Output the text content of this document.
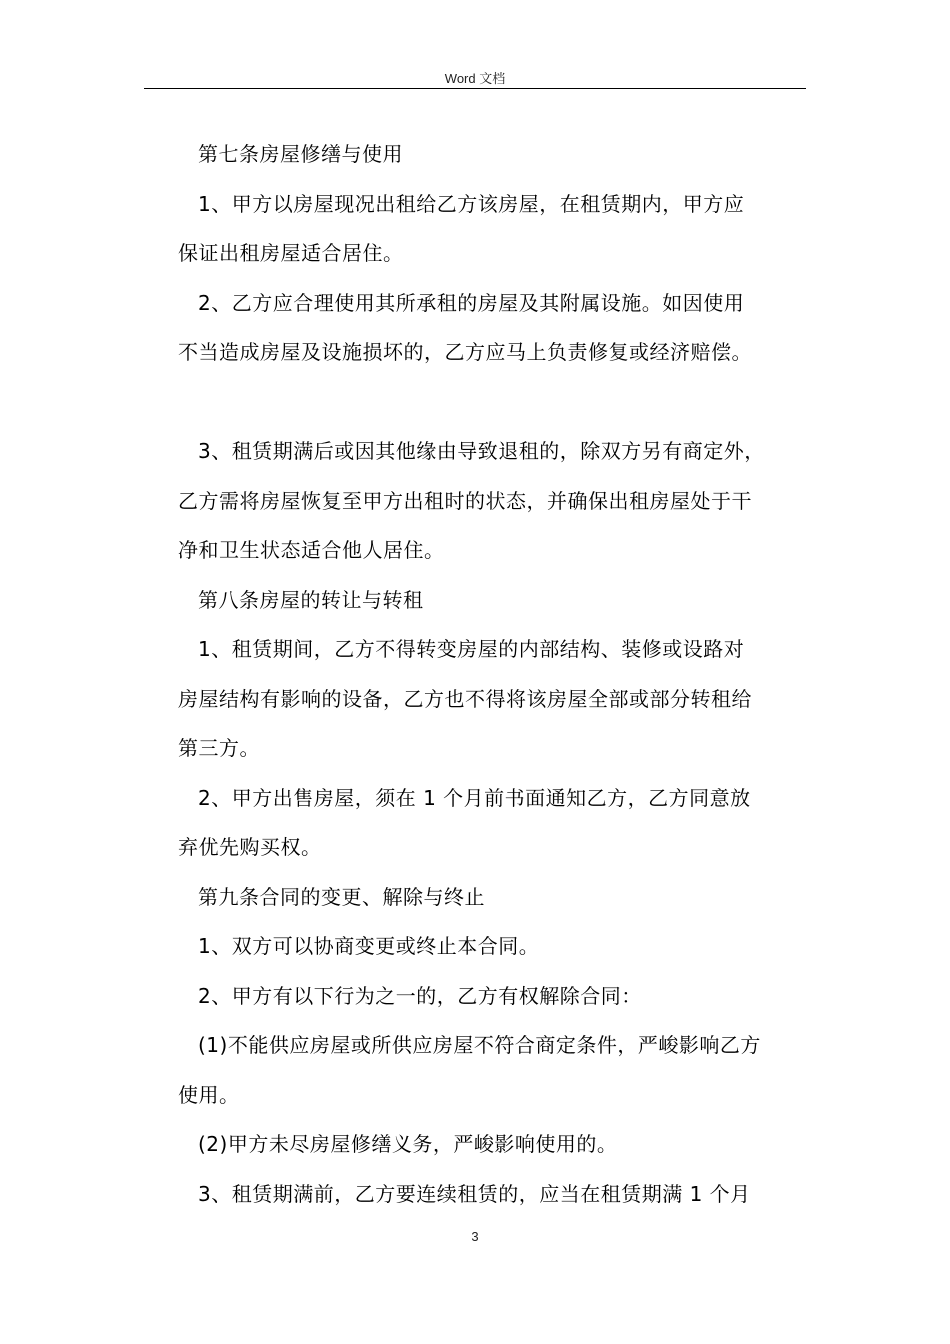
Word 文档

第七条房屋修缮与使用

1、甲方以房屋现况出租给乙方该房屋，在租赁期内，甲方应

保证出租房屋适合居住。

2、乙方应合理使用其所承租的房屋及其附属设施。如因使用

不当造成房屋及设施损坏的，乙方应马上负责修复或经济赔偿。

3、租赁期满后或因其他缘由导致退租的，除双方另有商定外，

乙方需将房屋恢复至甲方出租时的状态，并确保出租房屋处于干

净和卫生状态适合他人居住。

第八条房屋的转让与转租

1、租赁期间，乙方不得转变房屋的内部结构、装修或设路对

房屋结构有影响的设备，乙方也不得将该房屋全部或部分转租给

第三方。

2、甲方出售房屋，须在 1 个月前书面通知乙方，乙方同意放

弃优先购买权。

第九条合同的变更、解除与终止

1、双方可以协商变更或终止本合同。

2、甲方有以下行为之一的，乙方有权解除合同：

(1)不能供应房屋或所供应房屋不符合商定条件，严峻影响乙方

使用。

(2)甲方未尽房屋修缮义务，严峻影响使用的。

3、租赁期满前，乙方要连续租赁的，应当在租赁期满 1 个月

3
